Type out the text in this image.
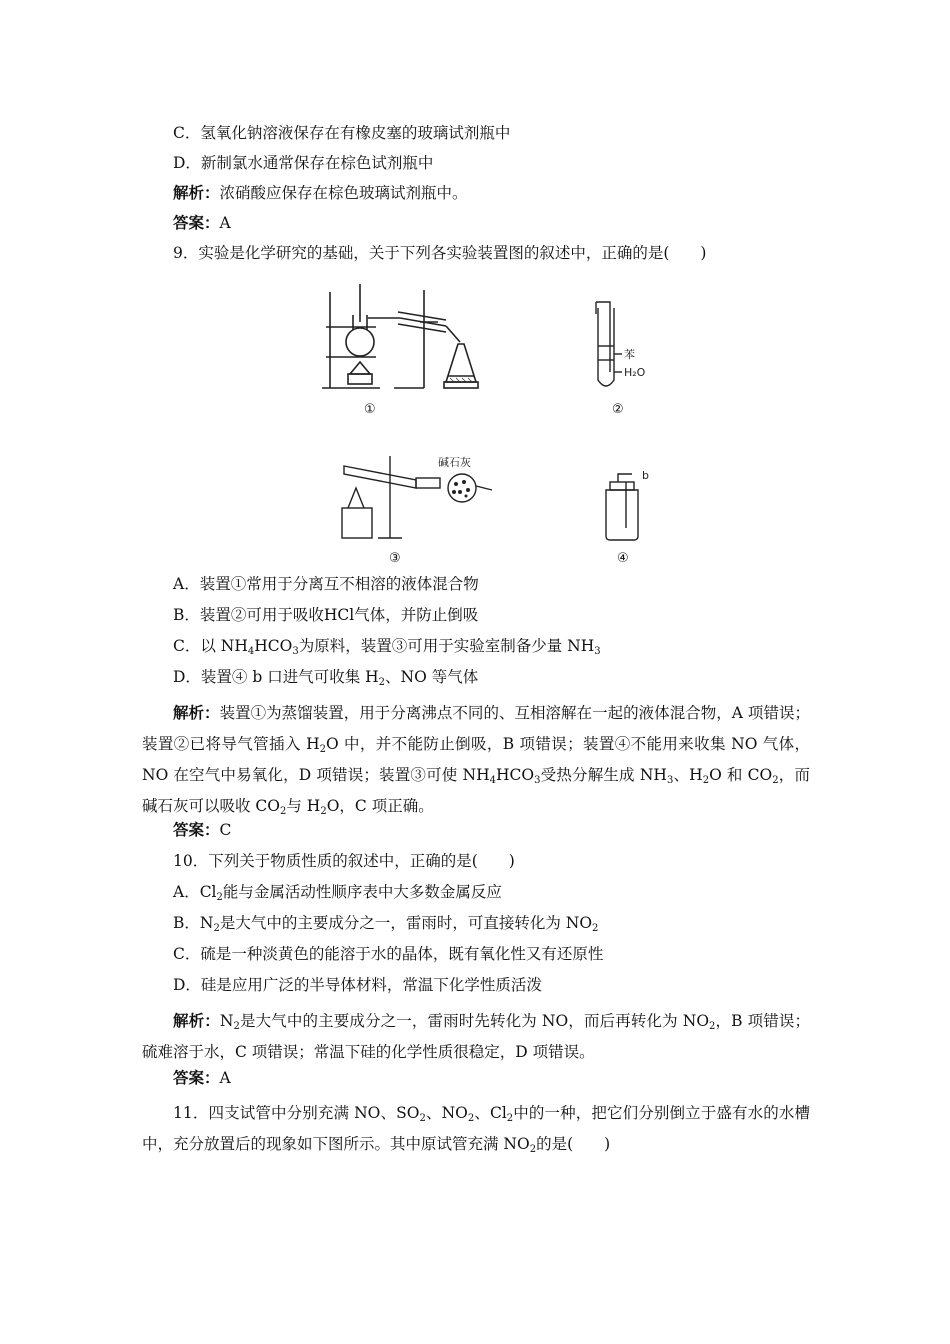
C．氢氧化钠溶液保存在有橡皮塞的玻璃试剂瓶中
D．新制氯水通常保存在棕色试剂瓶中
解析：浓硝酸应保存在棕色玻璃试剂瓶中。
答案：A
9．实验是化学研究的基础，关于下列各实验装置图的叙述中，正确的是(　　)
①
苯
H₂O
②
碱石灰
③
b
④
A．装置①常用于分离互不相溶的液体混合物
B．装置②可用于吸收HCl气体，并防止倒吸
C．以 $NH_4HCO_3$为原料，装置③可用于实验室制备少量 $NH_3$
D．装置④ b 口进气可收集 $H_2$、NO 等气体
解析：装置①为蒸馏装置，用于分离沸点不同的、互相溶解在一起的液体混合物，A 项错误；装置②已将导气管插入 $H_2O$ 中，并不能防止倒吸，B 项错误；装置④不能用来收集 NO 气体，NO 在空气中易氧化，D 项错误；装置③可使 $NH_4HCO_3$受热分解生成 $NH_3$、$H_2O$ 和 $CO_2$，而碱石灰可以吸收 $CO_2$与 $H_2O$，C 项正确。
答案：C
10．下列关于物质性质的叙述中，正确的是(　　)
A．$Cl_2$能与金属活动性顺序表中大多数金属反应
B．$N_2$是大气中的主要成分之一，雷雨时，可直接转化为 $NO_2$
C．硫是一种淡黄色的能溶于水的晶体，既有氧化性又有还原性
D．硅是应用广泛的半导体材料，常温下化学性质活泼
解析：$N_2$是大气中的主要成分之一，雷雨时先转化为 NO，而后再转化为 $NO_2$，B 项错误；硫难溶于水，C 项错误；常温下硅的化学性质很稳定，D 项错误。
答案：A
11．四支试管中分别充满 NO、$SO_2$、$NO_2$、$Cl_2$中的一种，把它们分别倒立于盛有水的水槽中，充分放置后的现象如下图所示。其中原试管充满 $NO_2$的是(　　)
